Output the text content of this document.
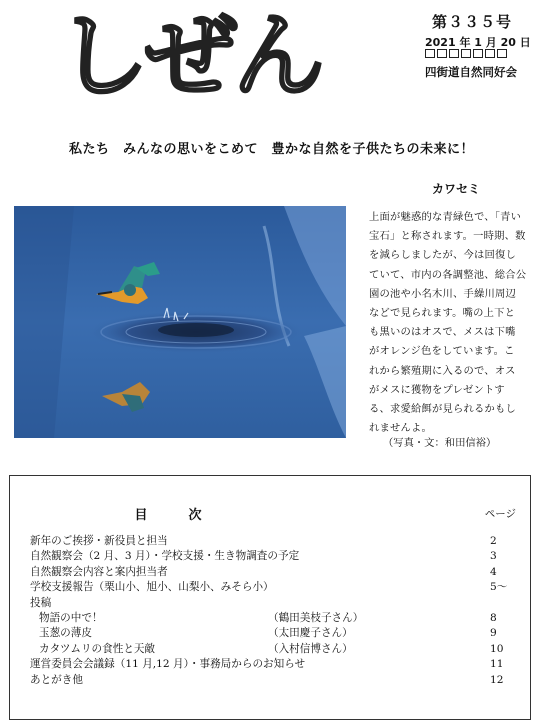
しぜん	第３３５号
2021 年 1 月 20 日
四街道自然同好会
私たち　みんなの思いをこめて　豊かな自然を子供たちの未来に！
カワセミ
上面が魅惑的な青緑色で、「青い
宝石」と称されます。一時期、数
を減らしましたが、今は回復し
ていて、市内の各調整池、総合公
園の池や小名木川、手繰川周辺
などで見られます。嘴の上下と
も黒いのはオスで、メスは下嘴
がオレンジ色をしています。こ
れから繁殖期に入るので、オス
がメスに獲物をプレゼントす
る、求愛給餌が見られるかもし
れませんよ。
（写真・文：和田信裕）
目　次	ページ
新年のご挨拶・新役員と担当	2
自然観察会（2 月、3 月）・学校支援・生き物調査の予定	3
自然観察会内容と案内担当者	4
学校支援報告（栗山小、旭小、山梨小、みそら小）	5〜
投稿
物語の中で！	（鶴田美枝子さん）	8
玉葱の薄皮	（太田慶子さん）	9
カタツムリの食性と天敵	（入村信博さん）	10
運営委員会会議録（11 月,12 月）・事務局からのお知らせ	11
あとがき他	12
